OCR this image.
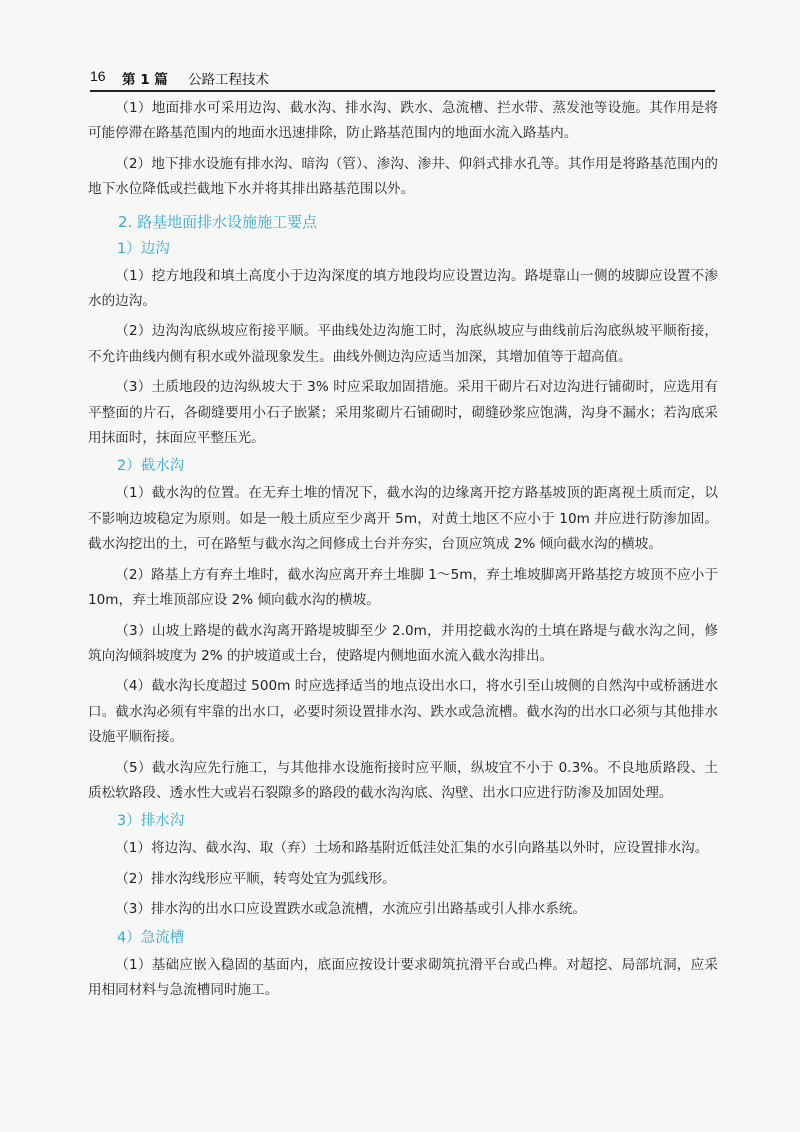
16 第 1 篇 公路工程技术

（1）地面排水可采用边沟、截水沟、排水沟、跌水、急流槽、拦水带、蒸发池等设施。其作用是将可能停滞在路基范围内的地面水迅速排除，防止路基范围内的地面水流入路基内。

（2）地下排水设施有排水沟、暗沟（管）、渗沟、渗井、仰斜式排水孔等。其作用是将路基范围内的地下水位降低或拦截地下水并将其排出路基范围以外。

2. 路基地面排水设施施工要点
1）边沟

（1）挖方地段和填土高度小于边沟深度的填方地段均应设置边沟。路堤靠山一侧的坡脚应设置不渗水的边沟。

（2）边沟沟底纵坡应衔接平顺。平曲线处边沟施工时，沟底纵坡应与曲线前后沟底纵坡平顺衔接，不允许曲线内侧有积水或外溢现象发生。曲线外侧边沟应适当加深，其增加值等于超高值。

（3）土质地段的边沟纵坡大于 3% 时应采取加固措施。采用干砌片石对边沟进行铺砌时，应选用有平整面的片石，各砌缝要用小石子嵌紧；采用浆砌片石铺砌时，砌缝砂浆应饱满，沟身不漏水；若沟底采用抹面时，抹面应平整压光。

2）截水沟

（1）截水沟的位置。在无弃土堆的情况下，截水沟的边缘离开挖方路基坡顶的距离视土质而定，以不影响边坡稳定为原则。如是一般土质应至少离开 5m，对黄土地区不应小于 10m 并应进行防渗加固。截水沟挖出的土，可在路堑与截水沟之间修成土台并夯实，台顶应筑成 2% 倾向截水沟的横坡。

（2）路基上方有弃土堆时，截水沟应离开弃土堆脚 1～5m，弃土堆坡脚离开路基挖方坡顶不应小于 10m，弃土堆顶部应设 2% 倾向截水沟的横坡。

（3）山坡上路堤的截水沟离开路堤坡脚至少 2.0m，并用挖截水沟的土填在路堤与截水沟之间，修筑向沟倾斜坡度为 2% 的护坡道或土台，使路堤内侧地面水流入截水沟排出。

（4）截水沟长度超过 500m 时应选择适当的地点设出水口，将水引至山坡侧的自然沟中或桥涵进水口。截水沟必须有牢靠的出水口，必要时须设置排水沟、跌水或急流槽。截水沟的出水口必须与其他排水设施平顺衔接。

（5）截水沟应先行施工，与其他排水设施衔接时应平顺，纵坡宜不小于 0.3%。不良地质路段、土质松软路段、透水性大或岩石裂隙多的路段的截水沟沟底、沟壁、出水口应进行防渗及加固处理。

3）排水沟

（1）将边沟、截水沟、取（弃）土场和路基附近低洼处汇集的水引向路基以外时，应设置排水沟。

（2）排水沟线形应平顺，转弯处宜为弧线形。

（3）排水沟的出水口应设置跌水或急流槽，水流应引出路基或引人排水系统。

4）急流槽

（1）基础应嵌入稳固的基面内，底面应按设计要求砌筑抗滑平台或凸榫。对超挖、局部坑洞，应采用相同材料与急流槽同时施工。
